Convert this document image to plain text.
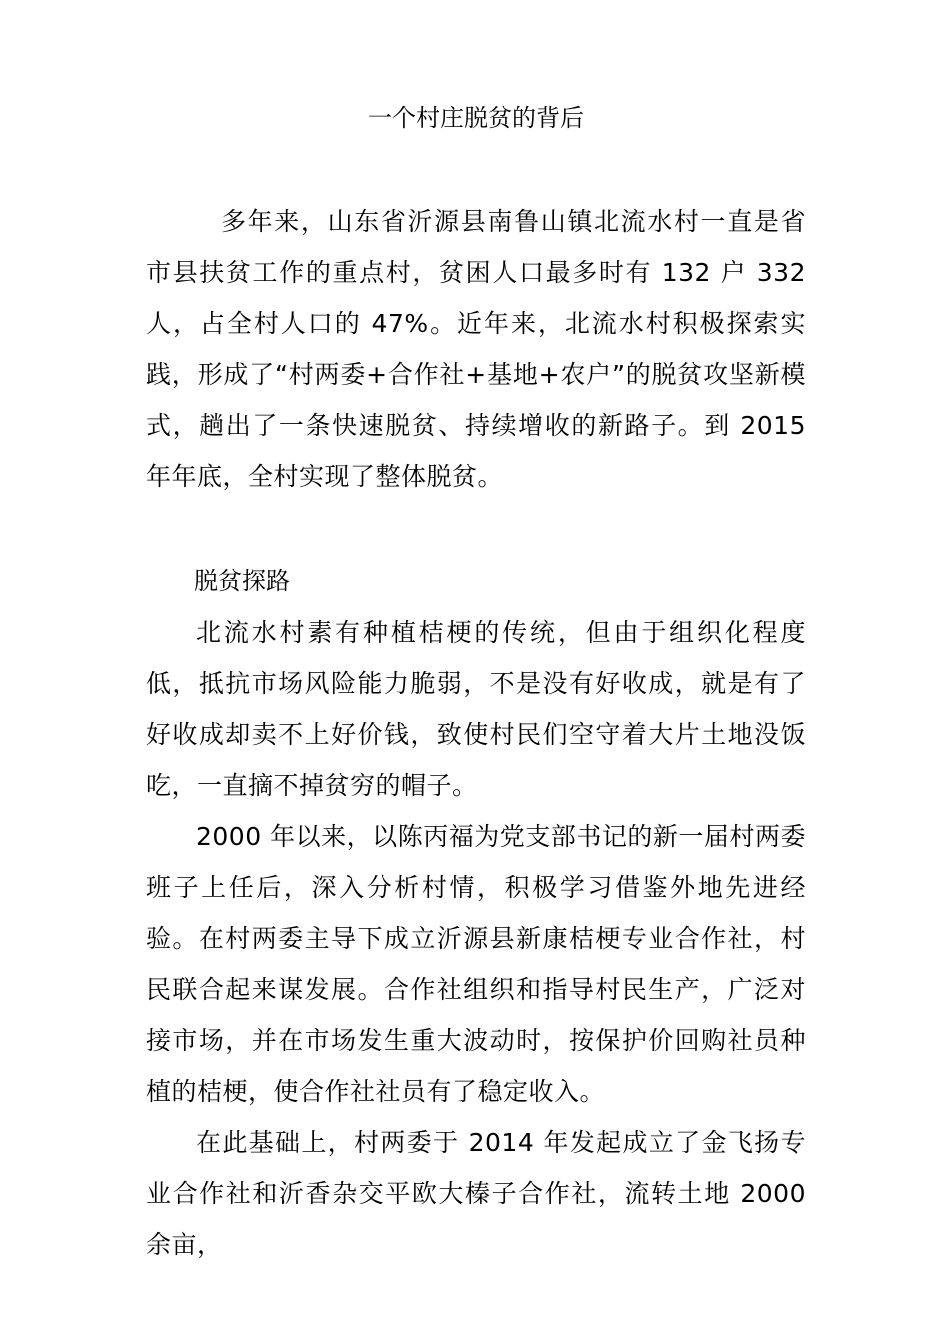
一个村庄脱贫的背后

多年来，山东省沂源县南鲁山镇北流水村一直是省市县扶贫工作的重点村，贫困人口最多时有 132 户 332 人，占全村人口的 47%。近年来，北流水村积极探索实践，形成了“村两委+合作社+基地+农户”的脱贫攻坚新模式，趟出了一条快速脱贫、持续增收的新路子。到 2015 年年底，全村实现了整体脱贫。

脱贫探路

北流水村素有种植桔梗的传统，但由于组织化程度低，抵抗市场风险能力脆弱，不是没有好收成，就是有了好收成却卖不上好价钱，致使村民们空守着大片土地没饭吃，一直摘不掉贫穷的帽子。

2000 年以来，以陈丙福为党支部书记的新一届村两委班子上任后，深入分析村情，积极学习借鉴外地先进经验。在村两委主导下成立沂源县新康桔梗专业合作社，村民联合起来谋发展。合作社组织和指导村民生产，广泛对接市场，并在市场发生重大波动时，按保护价回购社员种植的桔梗，使合作社社员有了稳定收入。

在此基础上，村两委于 2014 年发起成立了金飞扬专业合作社和沂香杂交平欧大榛子合作社，流转土地 2000 余亩，
